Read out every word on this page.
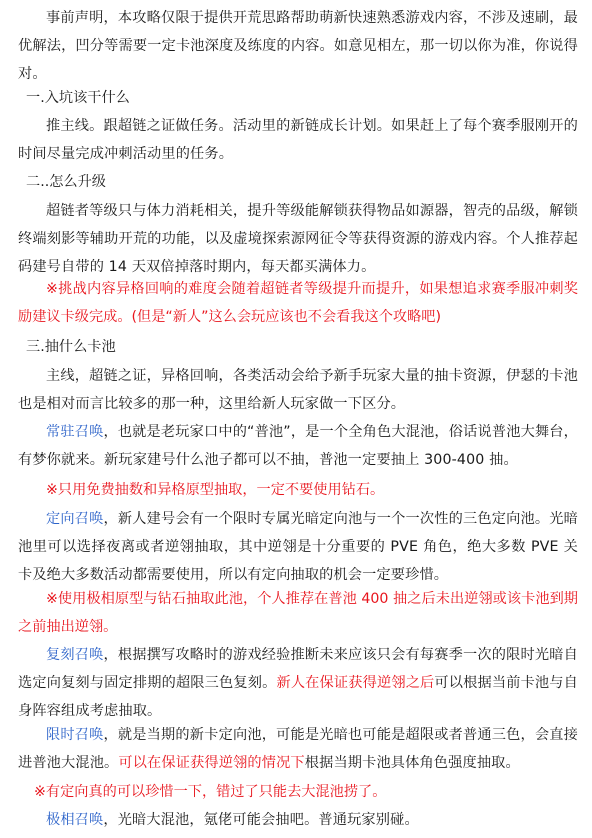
事前声明，本攻略仅限于提供开荒思路帮助萌新快速熟悉游戏内容，不涉及速刷，最优解法，凹分等需要一定卡池深度及练度的内容。如意见相左，那一切以你为准，你说得对。

一.入坑该干什么

推主线。跟超链之证做任务。活动里的新链成长计划。如果赶上了每个赛季服刚开的时间尽量完成冲刺活动里的任务。

二..怎么升级

超链者等级只与体力消耗相关，提升等级能解锁获得物品如源器，智壳的品级，解锁终端刻影等辅助开荒的功能，以及虚境探索源网征令等获得资源的游戏内容。个人推荐起码建号自带的 14 天双倍掉落时期内，每天都买满体力。

※挑战内容异格回响的难度会随着超链者等级提升而提升，如果想追求赛季服冲刺奖励建议卡级完成。(但是“新人”这么会玩应该也不会看我这个攻略吧)

三.抽什么卡池

主线，超链之证，异格回响，各类活动会给予新手玩家大量的抽卡资源，伊瑟的卡池也是相对而言比较多的那一种，这里给新人玩家做一下区分。

常驻召唤，也就是老玩家口中的“普池”，是一个全角色大混池，俗话说普池大舞台，有梦你就来。新玩家建号什么池子都可以不抽，普池一定要抽上 300-400 抽。

※只用免费抽数和异格原型抽取，一定不要使用钻石。

定向召唤，新人建号会有一个限时专属光暗定向池与一个一次性的三色定向池。光暗池里可以选择夜离或者逆翎抽取，其中逆翎是十分重要的 PVE 角色，绝大多数 PVE 关卡及绝大多数活动都需要使用，所以有定向抽取的机会一定要珍惜。

※使用极相原型与钻石抽取此池，个人推荐在普池 400 抽之后未出逆翎或该卡池到期之前抽出逆翎。

复刻召唤，根据撰写攻略时的游戏经验推断未来应该只会有每赛季一次的限时光暗自选定向复刻与固定排期的超限三色复刻。新人在保证获得逆翎之后可以根据当前卡池与自身阵容组成考虑抽取。

限时召唤，就是当期的新卡定向池，可能是光暗也可能是超限或者普通三色，会直接进普池大混池。可以在保证获得逆翎的情况下根据当期卡池具体角色强度抽取。

※有定向真的可以珍惜一下，错过了只能去大混池捞了。

极相召唤，光暗大混池，氪佬可能会抽吧。普通玩家别碰。
